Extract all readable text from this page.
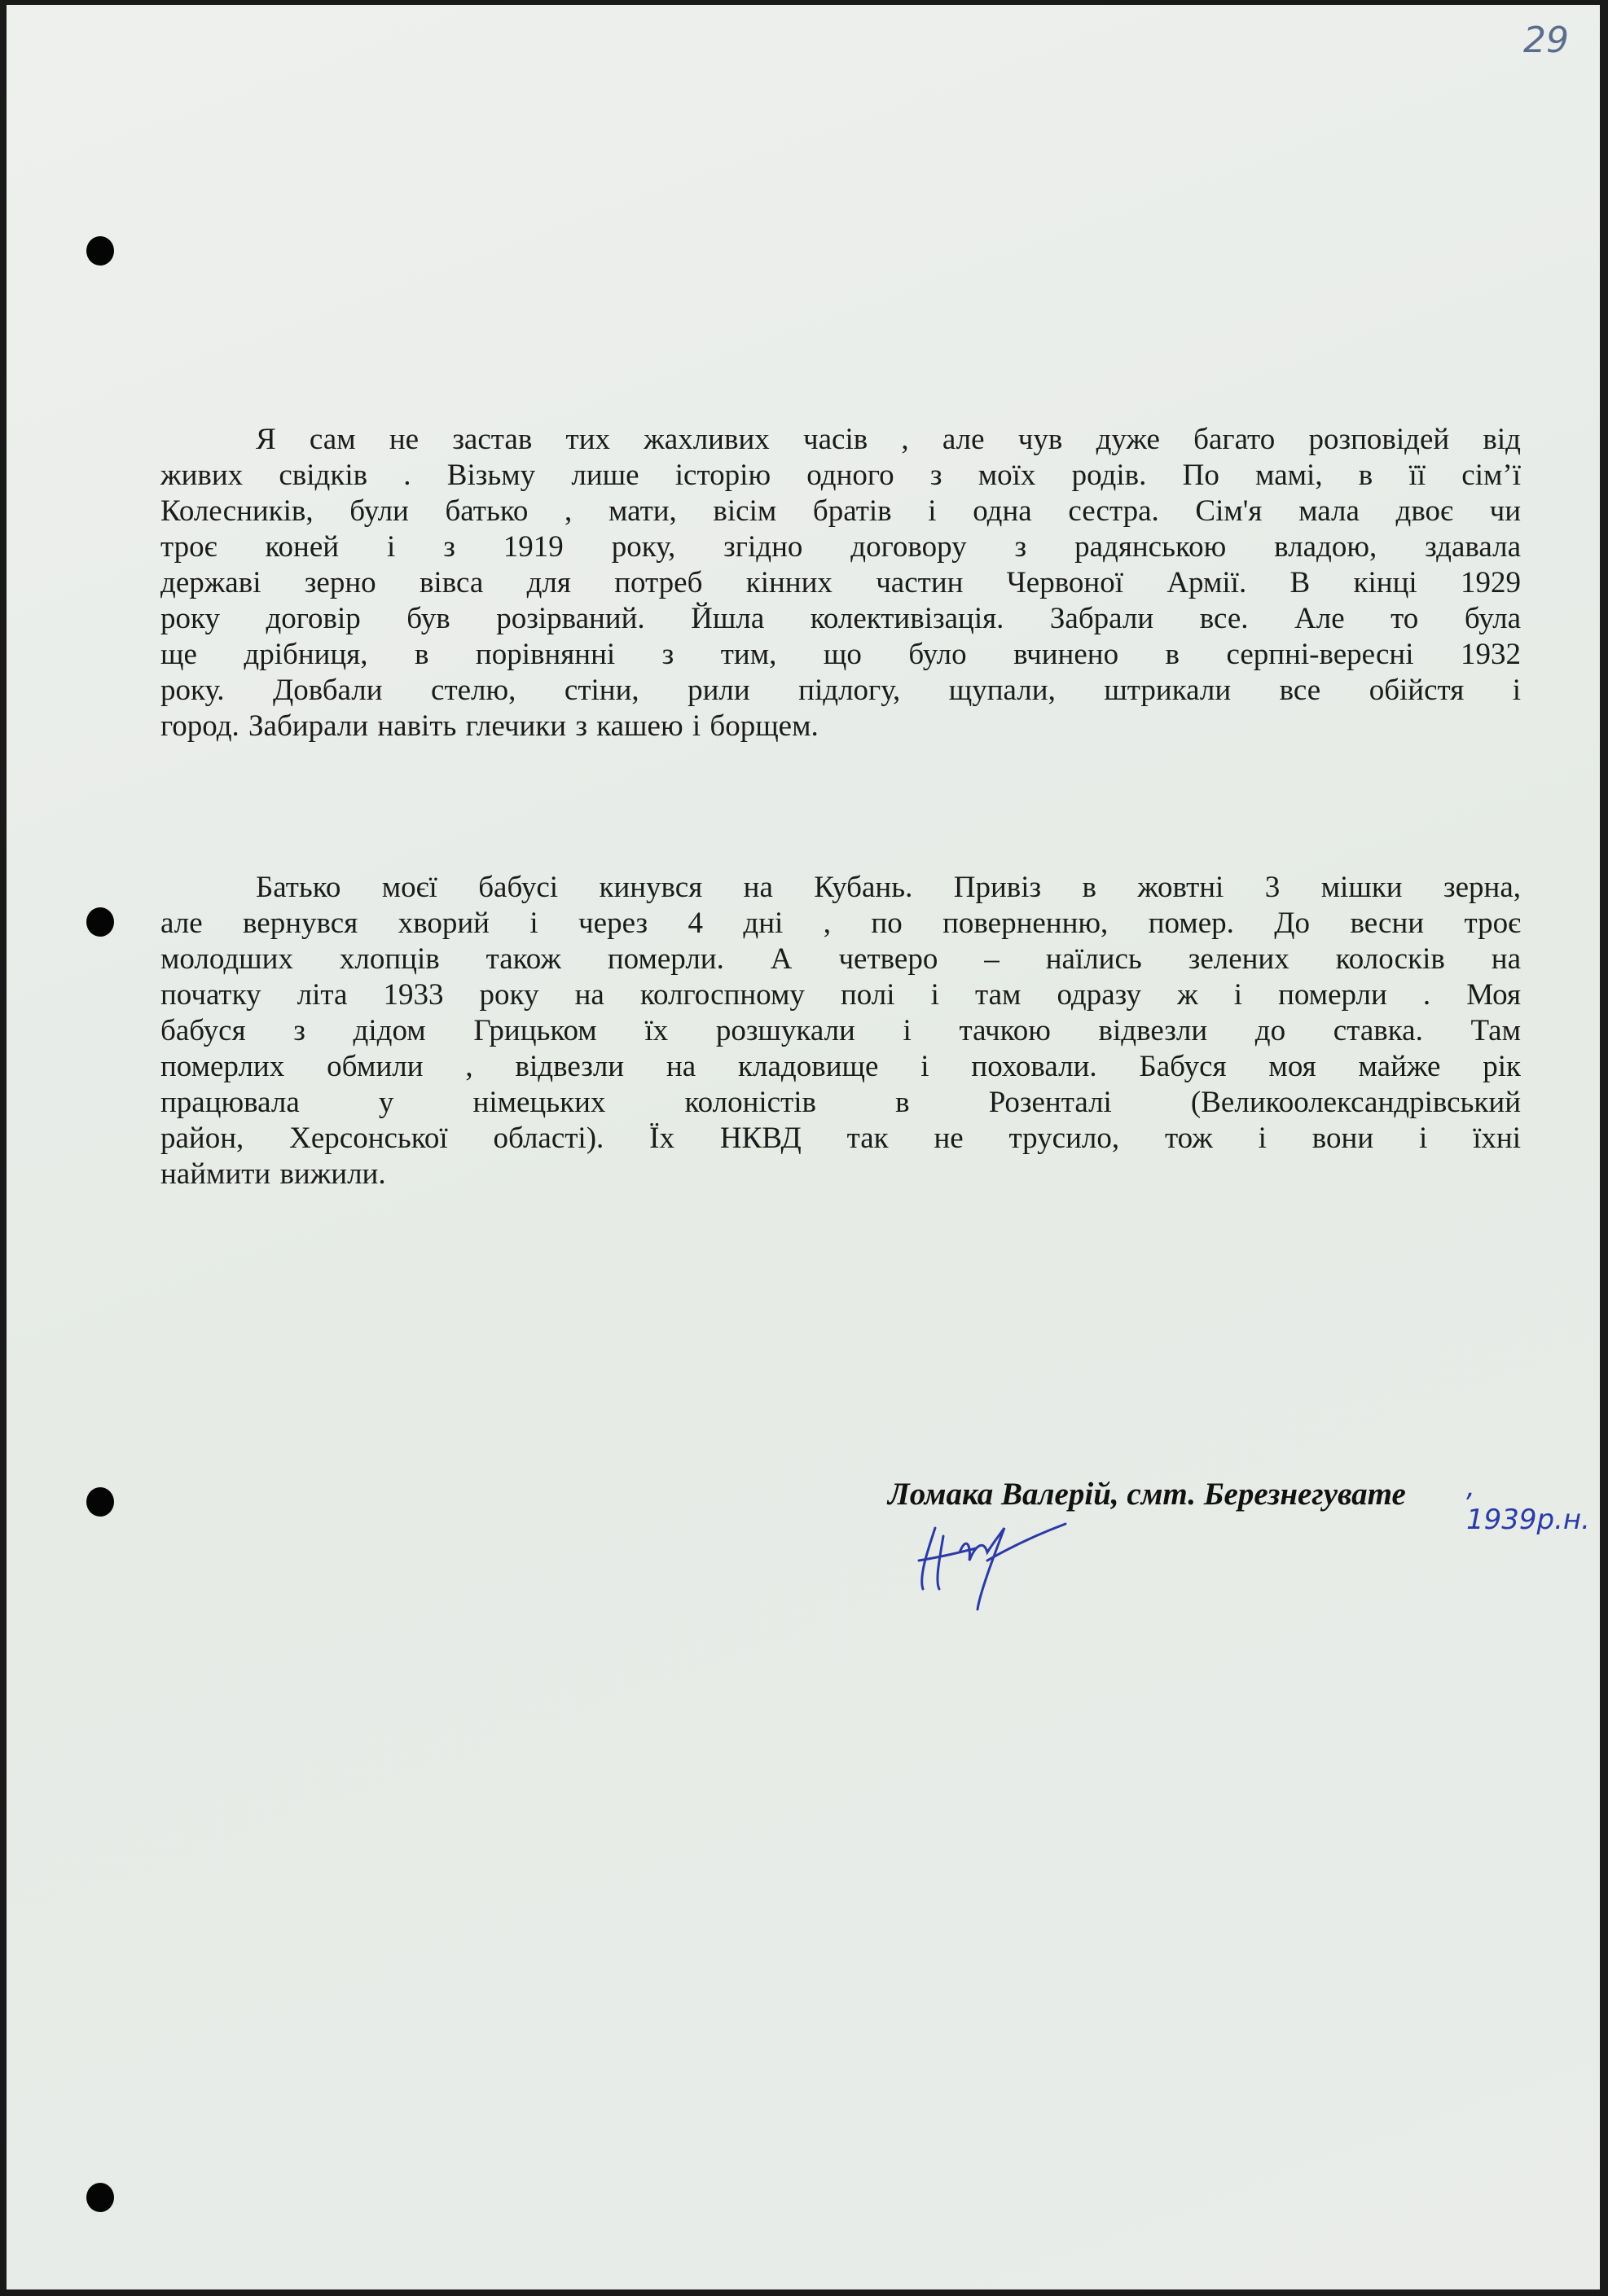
29
Я сам не застав тих жахливих часів , але чув дуже багато розповідей від
живих свідків . Візьму лише історію одного з моїх родів. По мамі, в її сім’ї
Колесників, були батько , мати, вісім братів і одна сестра. Сім'я мала двоє чи
троє коней і з 1919 року, згідно договору з радянською владою, здавала
державі зерно вівса для потреб кінних частин Червоної Армії. В кінці 1929
року договір був розірваний. Йшла колективізація. Забрали все. Але то була
ще дрібниця, в порівнянні з тим, що було вчинено в серпні-вересні 1932
року. Довбали стелю, стіни, рили підлогу, щупали, штрикали все обійстя і
город. Забирали навіть глечики з кашею і борщем.
Батько моєї бабусі кинувся на Кубань. Привіз в жовтні 3 мішки зерна,
але вернувся хворий і через 4 дні , по поверненню, помер. До весни троє
молодших хлопців також померли. А четверо – наїлись зелених колосків на
початку літа 1933 року на колгоспному полі і там одразу ж і померли . Моя
бабуся з дідом Грицьком їх розшукали і тачкою відвезли до ставка. Там
померлих обмили , відвезли на кладовище і поховали. Бабуся моя майже рік
працювала у німецьких колоністів в Розенталі (Великоолександрівський
район, Херсонської області). Їх НКВД так не трусило, тож і вони і їхні
наймити вижили.
Ломака Валерій, смт. Березнегувате , 1939р.н.
